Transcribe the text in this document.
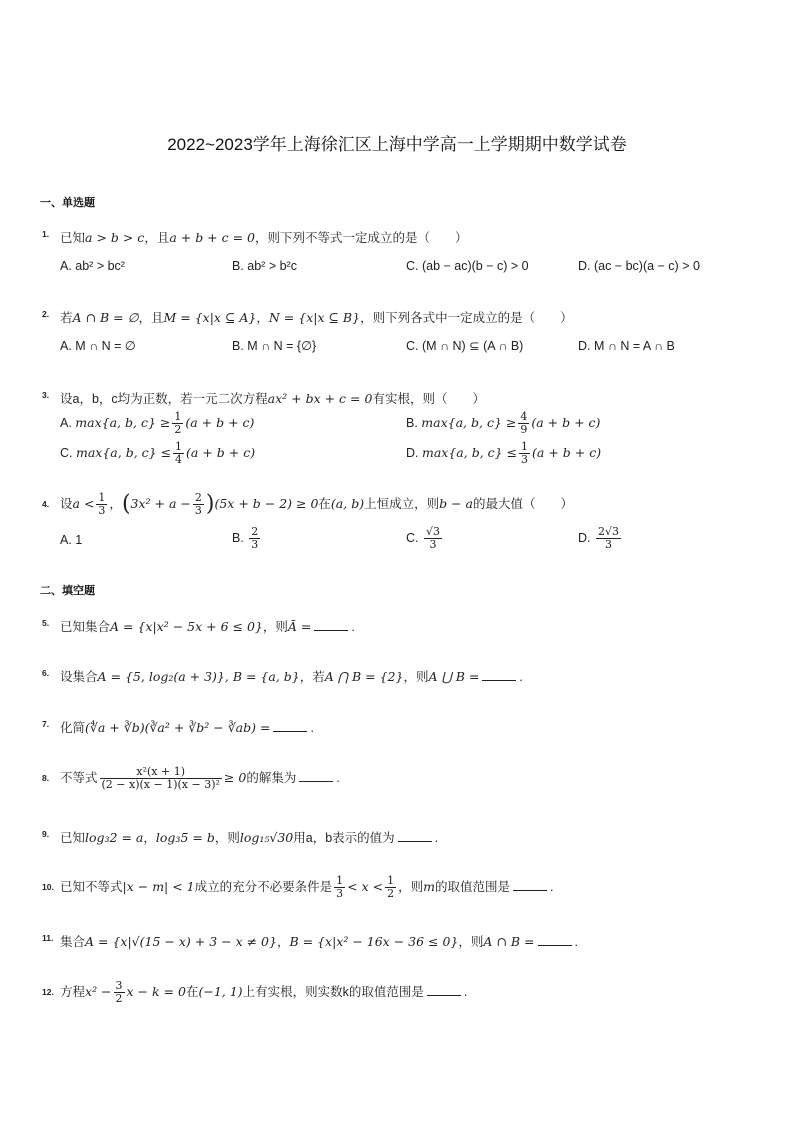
2022~2023学年上海徐汇区上海中学高一上学期期中数学试卷
一、单选题
1. 已知a > b > c，且a + b + c = 0，则下列不等式一定成立的是（　　）
A. ab² > bc²	B. ab² > b²c	C. (ab − ac)(b − c) > 0	D. (ac − bc)(a − c) > 0
2. 若A ∩ B = ∅，且M = {x|x ⊆ A}，N = {x|x ⊆ B}，则下列各式中一定成立的是（　　）
A. M ∩ N = ∅	B. M ∩ N = {∅}	C. (M ∩ N) ⊆ (A ∩ B)	D. M ∩ N = A ∩ B
3. 设a，b，c均为正数，若一元二次方程ax² + bx + c = 0有实根，则（　　）
A. max{a, b, $c\} \ge \frac{1}{2} (a + b + c)$	B. max{a, b, $c\} \ge \frac{4}{9} (a + b + c)$
C. max{a, b, $c\} \le \frac{1}{4} (a + b + c)$	D. max{a, b, $c\} \le \frac{1}{3} (a + b + c)$
4. 设$a < \frac{1}{3}$ ，$(3x^2 + a - \frac{2}{3} )(5x + b - 2) \ge 0$在(a, b)上恒成立，则b − a的最大值（　　）
A. 1	B. $\frac{2}{3}$	C. $\frac{√3}{3}$	D. $\frac{2√3}{3}$
二、填空题
5. 已知集合A = {x|x² − 5x + 6 ≤ 0}，则Ā =	.
6. 设集合A = {5, log₂(a + 3)}, B = {a, b}，若A ⋂ B = {2}，则A ⋃ B =	.
7. 化简(∜a + ∛b)(∛a² + ∛b² − ∛ab) =	.
8. 不等式 $\frac{\text{x²(x + 1)}}{\text{(2 − x)(x − 1)(x − 3)²}} \ge 0$的解集为	.
9. 已知log₃2 = a，log₃5 = b，则log₁₅√30用a，b表示的值为	.
10. 已知不等式|x − m| < 1成立的充分不必要条件是 $\frac{1}{3} < x < \frac{1}{2}$ ，则m的取值范围是	.
11. 集合A = {x|√(15 − x) + 3 − x ≠ 0}，B = {x|x² − 16x − 36 ≤ 0}，则A ∩ B =	.
12. 方程$x^2 - \frac{3}{2}$ x − k = 0在(−1, 1)上有实根，则实数k的取值范围是	.
